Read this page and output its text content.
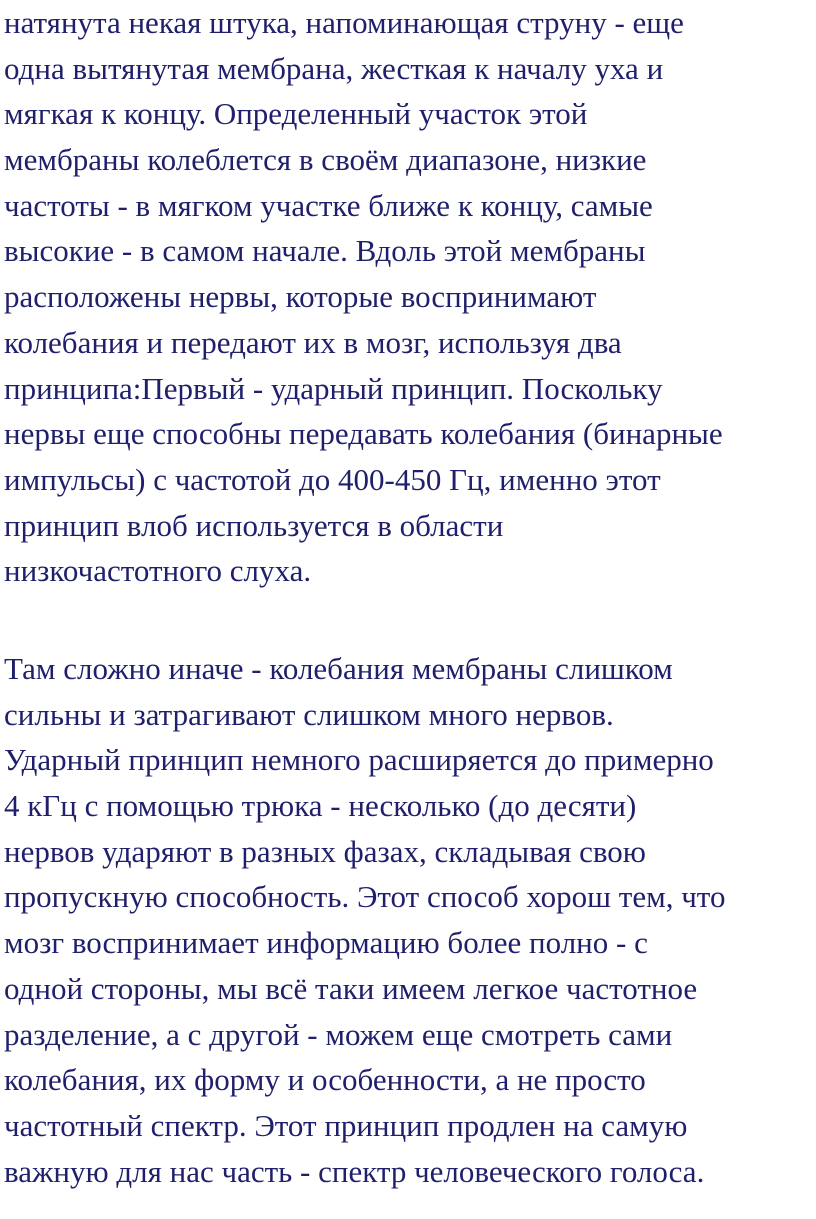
натянута некая штука, напоминающая струну - еще
одна вытянутая мембрана, жесткая к началу уха и
мягкая к концу. Определенный участок этой
мембраны колеблется в своём диапазоне, низкие
частоты - в мягком участке ближе к концу, самые
высокие - в самом начале. Вдоль этой мембраны
расположены нервы, которые воспринимают
колебания и передают их в мозг, используя два
принципа:Первый - ударный принцип. Поскольку
нервы еще способны передавать колебания (бинарные
импульсы) с частотой до 400-450 Гц, именно этот
принцип влоб используется в области
низкочастотного слуха.

Там сложно иначе - колебания мембраны слишком
сильны и затрагивают слишком много нервов.
Ударный принцип немного расширяется до примерно
4 кГц с помощью трюка - несколько (до десяти)
нервов ударяют в разных фазах, складывая свою
пропускную способность. Этот способ хорош тем, что
мозг воспринимает информацию более полно - с
одной стороны, мы всё таки имеем легкое частотное
разделение, а с другой - можем еще смотреть сами
колебания, их форму и особенности, а не просто
частотный спектр. Этот принцип продлен на самую
важную для нас часть - спектр человеческого голоса.
